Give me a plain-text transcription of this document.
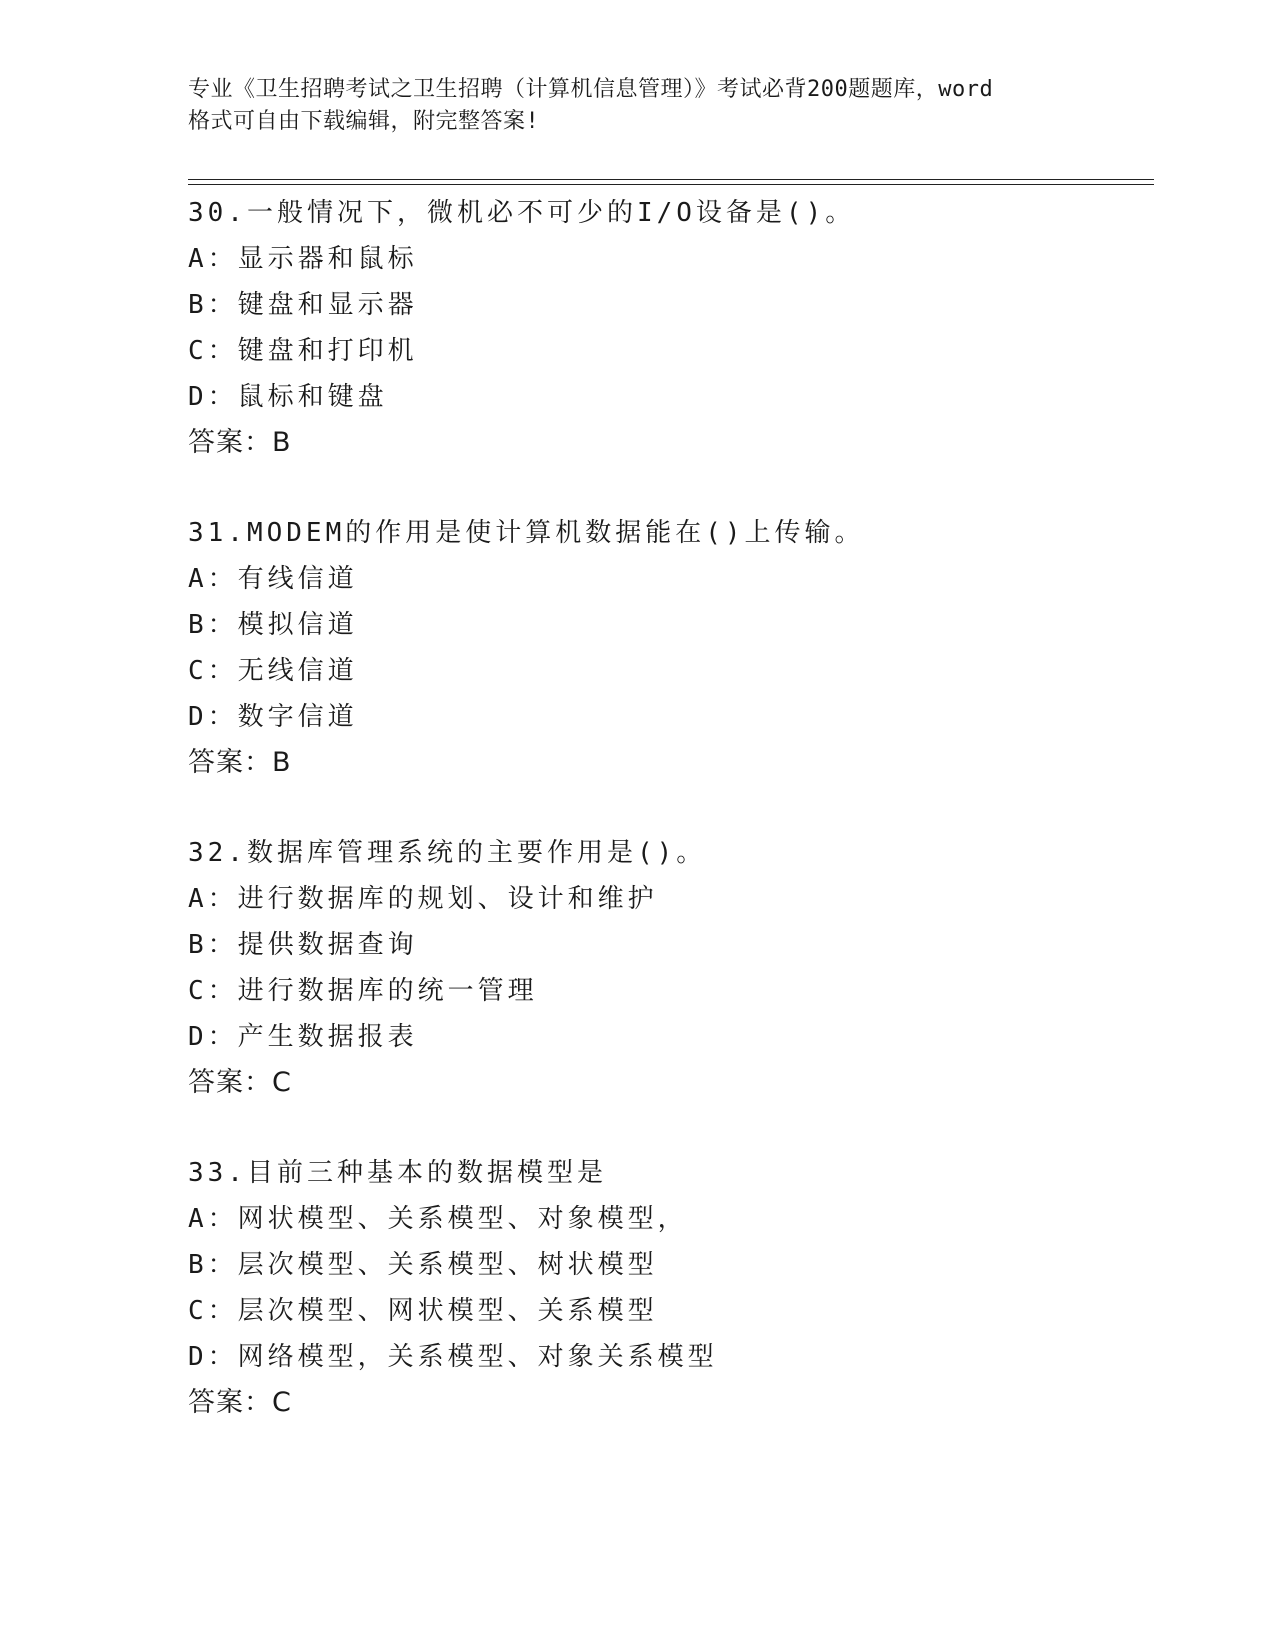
专业《卫生招聘考试之卫生招聘（计算机信息管理）》考试必背200题题库，word
格式可自由下载编辑，附完整答案!
30.一般情况下，微机必不可少的I/O设备是()。
A：显示器和鼠标
B：键盘和显示器
C：键盘和打印机
D：鼠标和键盘
答案：B
31.MODEM的作用是使计算机数据能在()上传输。
A：有线信道
B：模拟信道
C：无线信道
D：数字信道
答案：B
32.数据库管理系统的主要作用是()。
A：进行数据库的规划、设计和维护
B：提供数据查询
C：进行数据库的统一管理
D：产生数据报表
答案：C
33.目前三种基本的数据模型是
A：网状模型、关系模型、对象模型，
B：层次模型、关系模型、树状模型
C：层次模型、网状模型、关系模型
D：网络模型，关系模型、对象关系模型
答案：C
